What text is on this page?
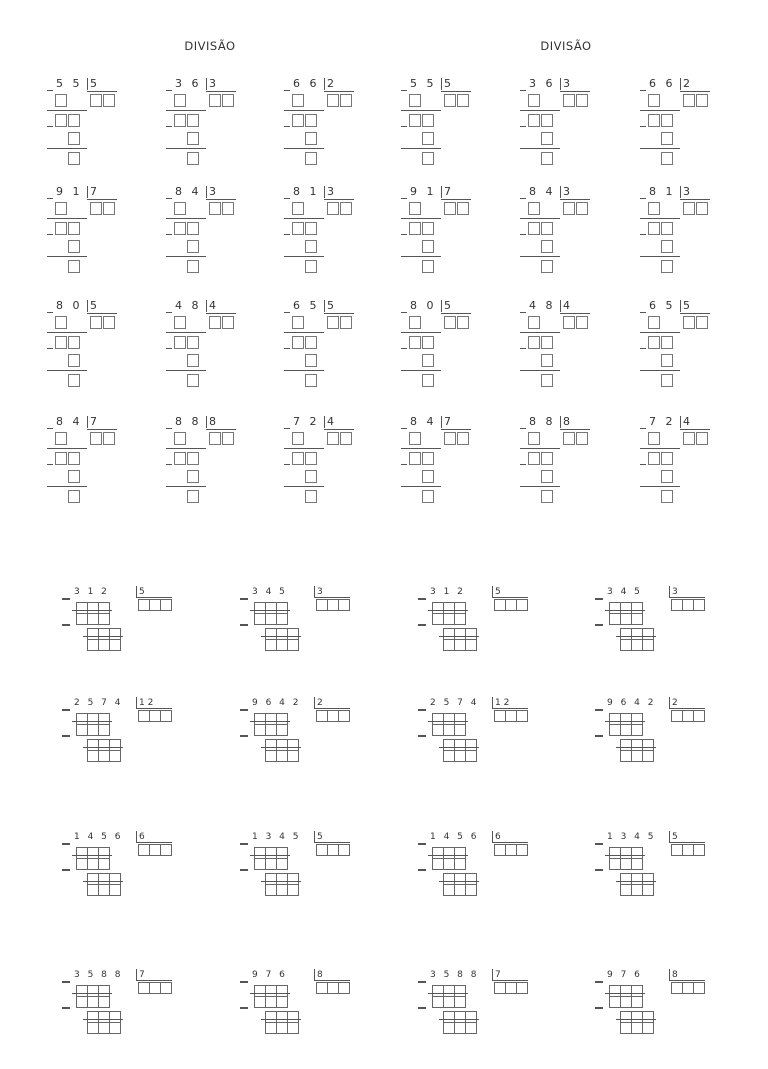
DIVISÃO	DIVISÃO
5 5 5	3 6 3	6 6 2	5 5 5	3 6 3	6 6 2
9 1 7	8 4 3	8 1 3	9 1 7	8 4 3	8 1 3
8 0 5	4 8 4	6 5 5	8 0 5	4 8 4	6 5 5
8 4 7	8 8 8	7 2 4	8 4 7	8 8 8	7 2 4
3 1 2	5	3 4 5	3	3 1 2	5	3 4 5	3
2 5 7 4	1 2	9 6 4 2	2	2 5 7 4	1 2	9 6 4 2	2
1 4 5 6	6	1 3 4 5	5	1 4 5 6	6	1 3 4 5	5
3 5 8 8	7	9 7 6	8	3 5 8 8	7	9 7 6	8
